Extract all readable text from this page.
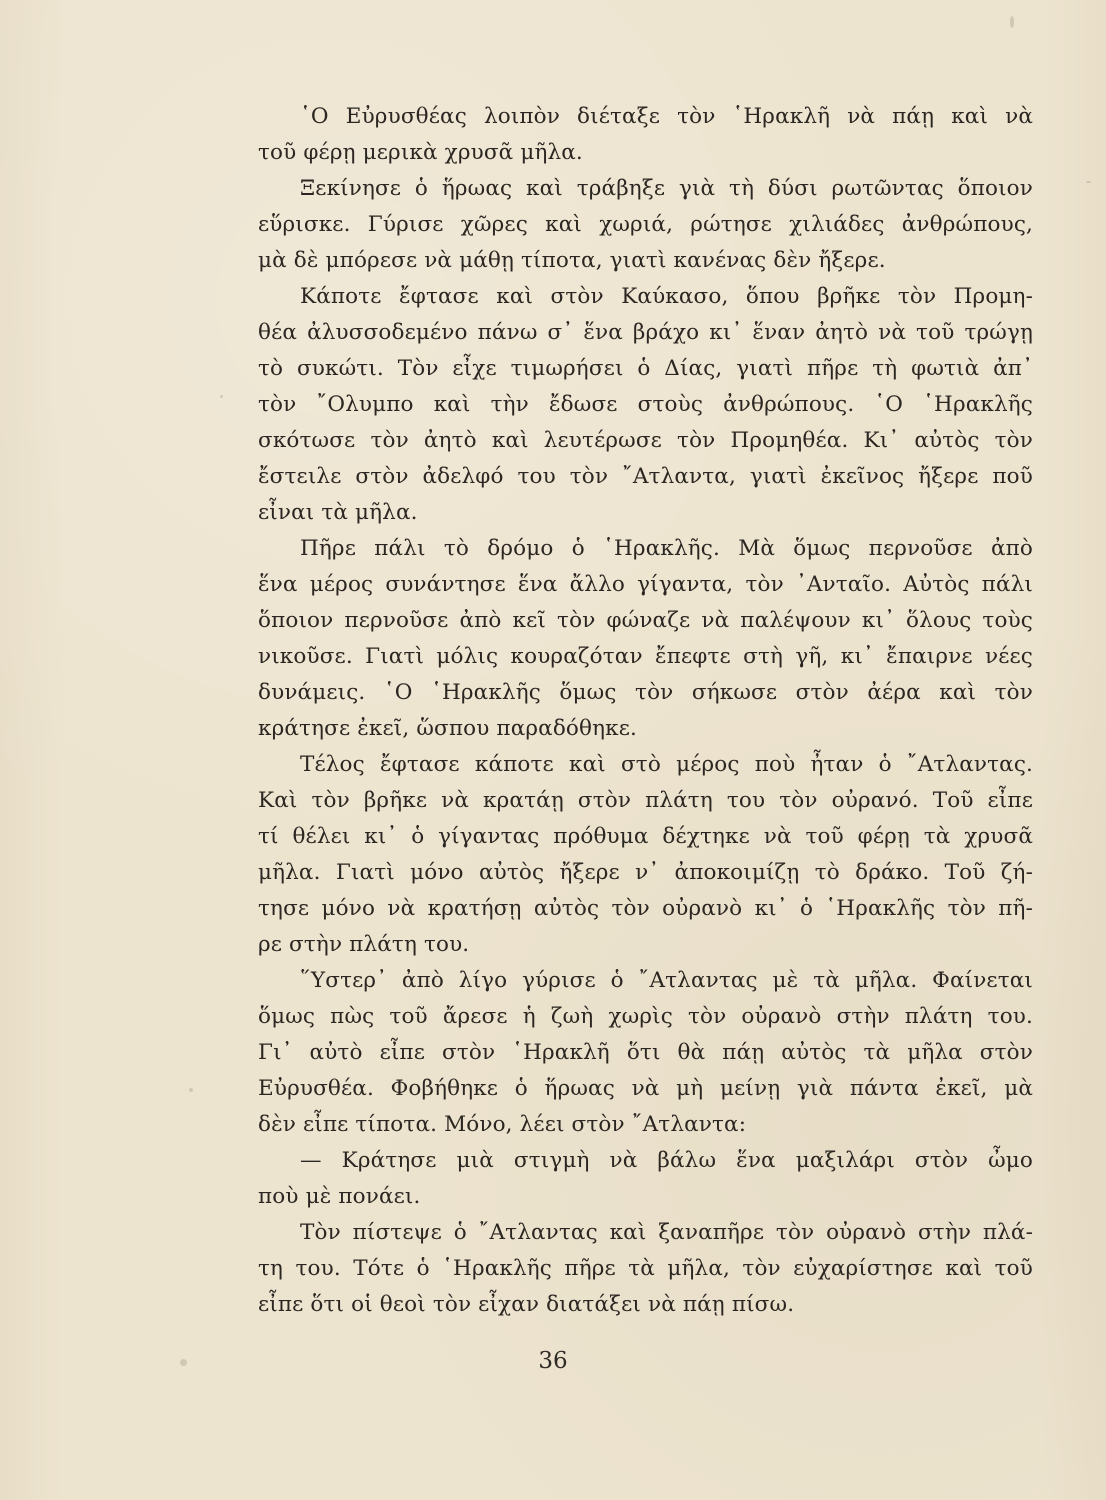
῾Ο Εὐρυσθέας λοιπὸν διέταξε τὸν ῾Ηρακλῆ νὰ πάῃ καὶ νὰ
τοῦ φέρῃ μερικὰ χρυσᾶ μῆλα.
Ξεκίνησε ὁ ἥρωας καὶ τράβηξε γιὰ τὴ δύσι ρωτῶντας ὅποιον
εὕρισκε. Γύρισε χῶρες καὶ χωριά, ρώτησε χιλιάδες ἀνθρώπους,
μὰ δὲ μπόρεσε νὰ μάθῃ τίποτα, γιατὶ κανένας δὲν ἤξερε.
Κάποτε ἔφτασε καὶ στὸν Καύκασο, ὅπου βρῆκε τὸν Προμη-
θέα ἀλυσσοδεμένο πάνω σ᾿ ἕνα βράχο κι᾿ ἕναν ἀητὸ νὰ τοῦ τρώγῃ
τὸ συκώτι. Τὸν εἶχε τιμωρήσει ὁ Δίας, γιατὶ πῆρε τὴ φωτιὰ ἀπ᾿
τὸν ῎Ολυμπο καὶ τὴν ἔδωσε στοὺς ἀνθρώπους. ῾Ο ῾Ηρακλῆς
σκότωσε τὸν ἀητὸ καὶ λευτέρωσε τὸν Προμηθέα. Κι᾿ αὐτὸς τὸν
ἔστειλε στὸν ἀδελφό του τὸν ῎Ατλαντα, γιατὶ ἐκεῖνος ἤξερε ποῦ
εἶναι τὰ μῆλα.
Πῆρε πάλι τὸ δρόμο ὁ ῾Ηρακλῆς. Μὰ ὅμως περνοῦσε ἀπὸ
ἕνα μέρος συνάντησε ἕνα ἄλλο γίγαντα, τὸν ᾿Ανταῖο. Αὐτὸς πάλι
ὅποιον περνοῦσε ἀπὸ κεῖ τὸν φώναζε νὰ παλέψουν κι᾿ ὅλους τοὺς
νικοῦσε. Γιατὶ μόλις κουραζόταν ἔπεφτε στὴ γῆ, κι᾿ ἔπαιρνε νέες
δυνάμεις. ῾Ο ῾Ηρακλῆς ὅμως τὸν σήκωσε στὸν ἀέρα καὶ τὸν
κράτησε ἐκεῖ, ὥσπου παραδόθηκε.
Τέλος ἔφτασε κάποτε καὶ στὸ μέρος ποὺ ἦταν ὁ ῎Ατλαντας.
Καὶ τὸν βρῆκε νὰ κρατάῃ στὸν πλάτη του τὸν οὐρανό. Τοῦ εἶπε
τί θέλει κι᾿ ὁ γίγαντας πρόθυμα δέχτηκε νὰ τοῦ φέρῃ τὰ χρυσᾶ
μῆλα. Γιατὶ μόνο αὐτὸς ἤξερε ν᾿ ἀποκοιμίζῃ τὸ δράκο. Τοῦ ζή-
τησε μόνο νὰ κρατήσῃ αὐτὸς τὸν οὐρανὸ κι᾿ ὁ ῾Ηρακλῆς τὸν πῆ-
ρε στὴν πλάτη του.
῞Υστερ᾿ ἀπὸ λίγο γύρισε ὁ ῎Ατλαντας μὲ τὰ μῆλα. Φαίνεται
ὅμως πὼς τοῦ ἄρεσε ἡ ζωὴ χωρὶς τὸν οὐρανὸ στὴν πλάτη του.
Γι᾿ αὐτὸ εἶπε στὸν ῾Ηρακλῆ ὅτι θὰ πάῃ αὐτὸς τὰ μῆλα στὸν
Εὐρυσθέα. Φοβήθηκε ὁ ἥρωας νὰ μὴ μείνῃ γιὰ πάντα ἐκεῖ, μὰ
δὲν εἶπε τίποτα. Μόνο, λέει στὸν ῎Ατλαντα:
— Κράτησε μιὰ στιγμὴ νὰ βάλω ἕνα μαξιλάρι στὸν ὦμο
ποὺ μὲ πονάει.
Τὸν πίστεψε ὁ ῎Ατλαντας καὶ ξαναπῆρε τὸν οὐρανὸ στὴν πλά-
τη του. Τότε ὁ ῾Ηρακλῆς πῆρε τὰ μῆλα, τὸν εὐχαρίστησε καὶ τοῦ
εἶπε ὅτι οἱ θεοὶ τὸν εἶχαν διατάξει νὰ πάῃ πίσω.
36
